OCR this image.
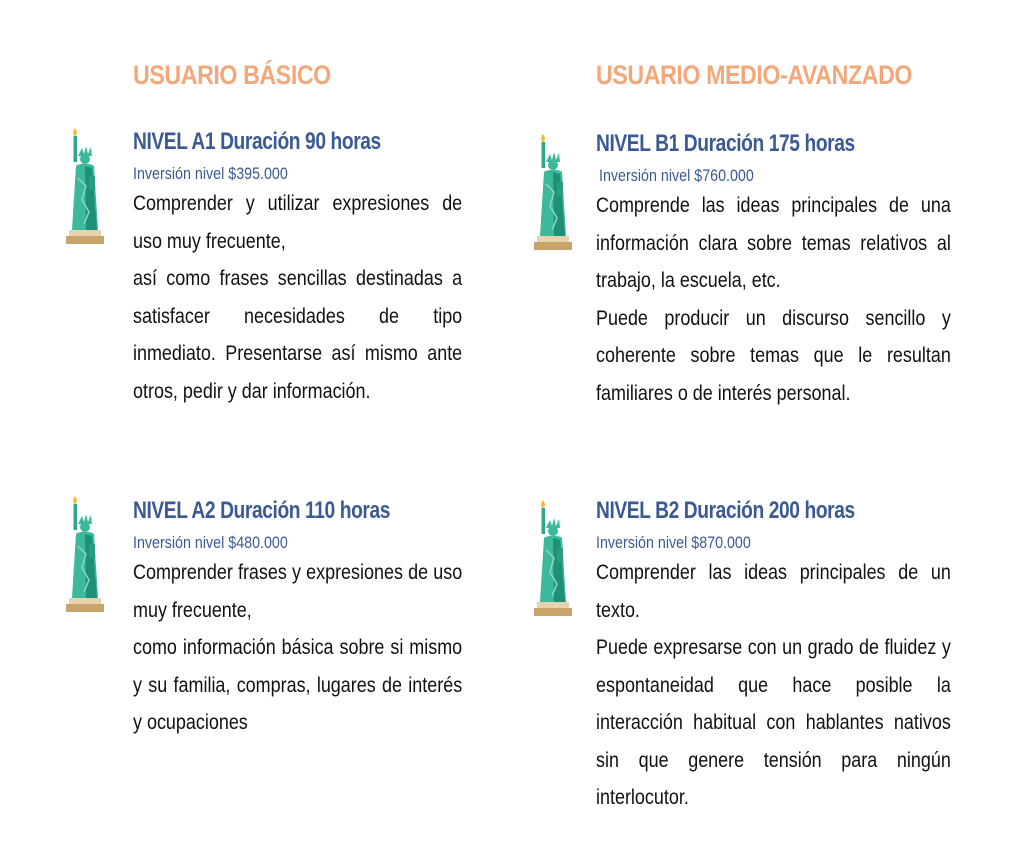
USUARIO BÁSICO	USUARIO MEDIO-AVANZADO
NIVEL A1 Duración 90 horas
Inversión nivel $395.000

Comprender y utilizar expresiones de uso muy frecuente,

así como frases sencillas destinadas a satisfacer necesidades de tipo inmediato. Presentarse así mismo ante otros, pedir y dar información.

NIVEL B1 Duración 175 horas
Inversión nivel $760.000

Comprende las ideas principales de una información clara sobre temas relativos al trabajo, la escuela, etc.

Puede producir un discurso sencillo y coherente sobre temas que le resultan familiares o de interés personal.

NIVEL A2 Duración 110 horas
Inversión nivel $480.000

Comprender frases y expresiones de uso muy frecuente,

como información básica sobre si mismo y su familia, compras, lugares de interés y ocupaciones

NIVEL B2 Duración 200 horas
Inversión nivel $870.000

Comprender las ideas principales de un texto.

Puede expresarse con un grado de fluidez y espontaneidad que hace posible la interacción habitual con hablantes nativos sin que genere tensión para ningún interlocutor.
